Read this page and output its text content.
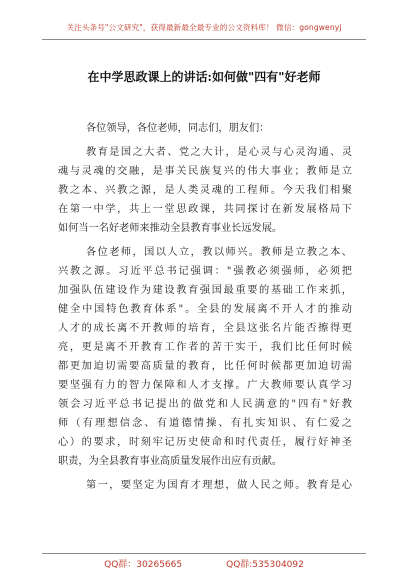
关注头条号"公文研究"，获得最新最全最专业的公文资料库！ 微信：gongwenyj
在中学思政课上的讲话:如何做"四有"好老师
各位领导，各位老师，同志们，朋友们：
教育是国之大者、党之大计，是心灵与心灵沟通、灵
魂与灵魂的交融，是事关民族复兴的伟大事业；教师是立
教之本、兴教之源，是人类灵魂的工程师。今天我们相聚
在第一中学，共上一堂思政课，共同探讨在新发展格局下
如何当一名好老师来推动全县教育事业长远发展。
各位老师，国以人立，教以师兴。教师是立教之本、
兴教之源。习近平总书记强调："强教必须强师，必须把
加强队伍建设作为建设教育强国最重要的基础工作来抓，
健全中国特色教育体系"。全县的发展离不开人才的推动
人才的成长离不开教师的培育，全县这张名片能否擦得更
亮，更是离不开教育工作者的苦干实干，我们比任何时候
都更加迫切需要高质量的教育，比任何时候都更加迫切需
要坚强有力的智力保障和人才支撑。广大教师要认真学习
领会习近平总书记提出的做党和人民满意的"四有"好教
师（有理想信念、有道德情操、有扎实知识、有仁爱之
心）的要求，时刻牢记历史使命和时代责任，履行好神圣
职责，为全县教育事业高质量发展作出应有贡献。
第一，要坚定为国育才理想，做人民之师。教育是心
QQ群：30265665	QQ群:535304092
